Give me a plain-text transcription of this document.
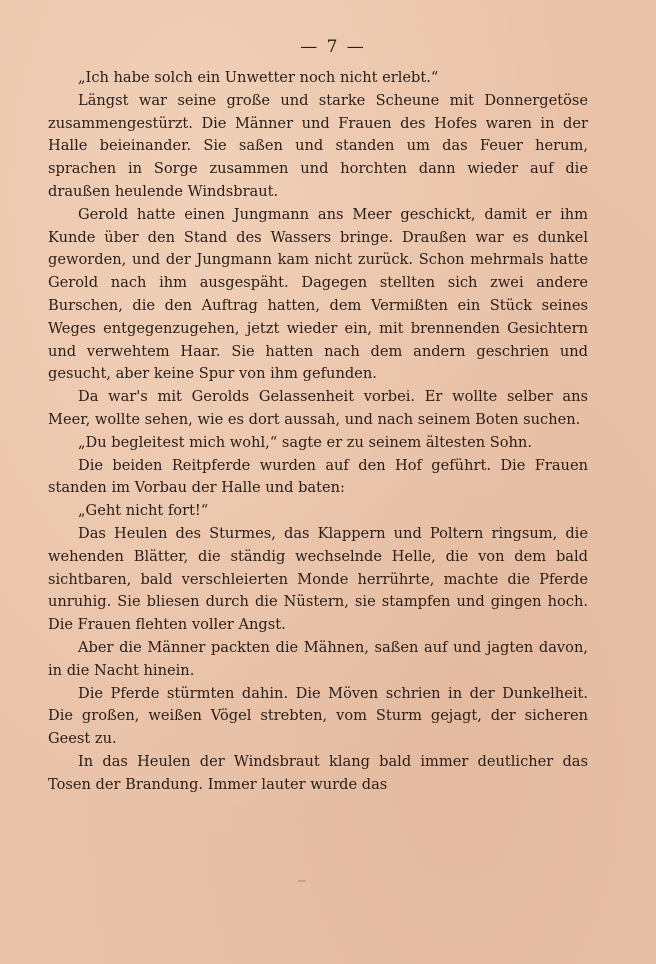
— 7 —

„Ich habe solch ein Unwetter noch nicht erlebt.“

Längst war seine große und starke Scheune mit Donnergetöse zusammengestürzt. Die Männer und Frauen des Hofes waren in der Halle beieinander. Sie saßen und standen um das Feuer herum, sprachen in Sorge zusammen und horchten dann wieder auf die draußen heulende Windsbraut.

Gerold hatte einen Jungmann ans Meer geschickt, damit er ihm Kunde über den Stand des Wassers bringe. Draußen war es dunkel geworden, und der Jungmann kam nicht zurück. Schon mehrmals hatte Gerold nach ihm ausgespäht. Dagegen stellten sich zwei andere Burschen, die den Auftrag hatten, dem Vermißten ein Stück seines Weges entgegenzugehen, jetzt wieder ein, mit brennenden Gesichtern und verwehtem Haar. Sie hatten nach dem andern geschrien und gesucht, aber keine Spur von ihm gefunden.

Da war's mit Gerolds Gelassenheit vorbei. Er wollte selber ans Meer, wollte sehen, wie es dort aussah, und nach seinem Boten suchen.

„Du begleitest mich wohl,“ sagte er zu seinem ältesten Sohn.

Die beiden Reitpferde wurden auf den Hof geführt. Die Frauen standen im Vorbau der Halle und baten:

„Geht nicht fort!“

Das Heulen des Sturmes, das Klappern und Poltern ringsum, die wehenden Blätter, die ständig wechselnde Helle, die von dem bald sichtbaren, bald verschleierten Monde herrührte, machte die Pferde unruhig. Sie bliesen durch die Nüstern, sie stampfen und gingen hoch. Die Frauen flehten voller Angst.

Aber die Männer packten die Mähnen, saßen auf und jagten davon, in die Nacht hinein.

Die Pferde stürmten dahin. Die Möven schrien in der Dunkelheit. Die großen, weißen Vögel strebten, vom Sturm gejagt, der sicheren Geest zu.

In das Heulen der Windsbraut klang bald immer deutlicher das Tosen der Brandung. Immer lauter wurde das
